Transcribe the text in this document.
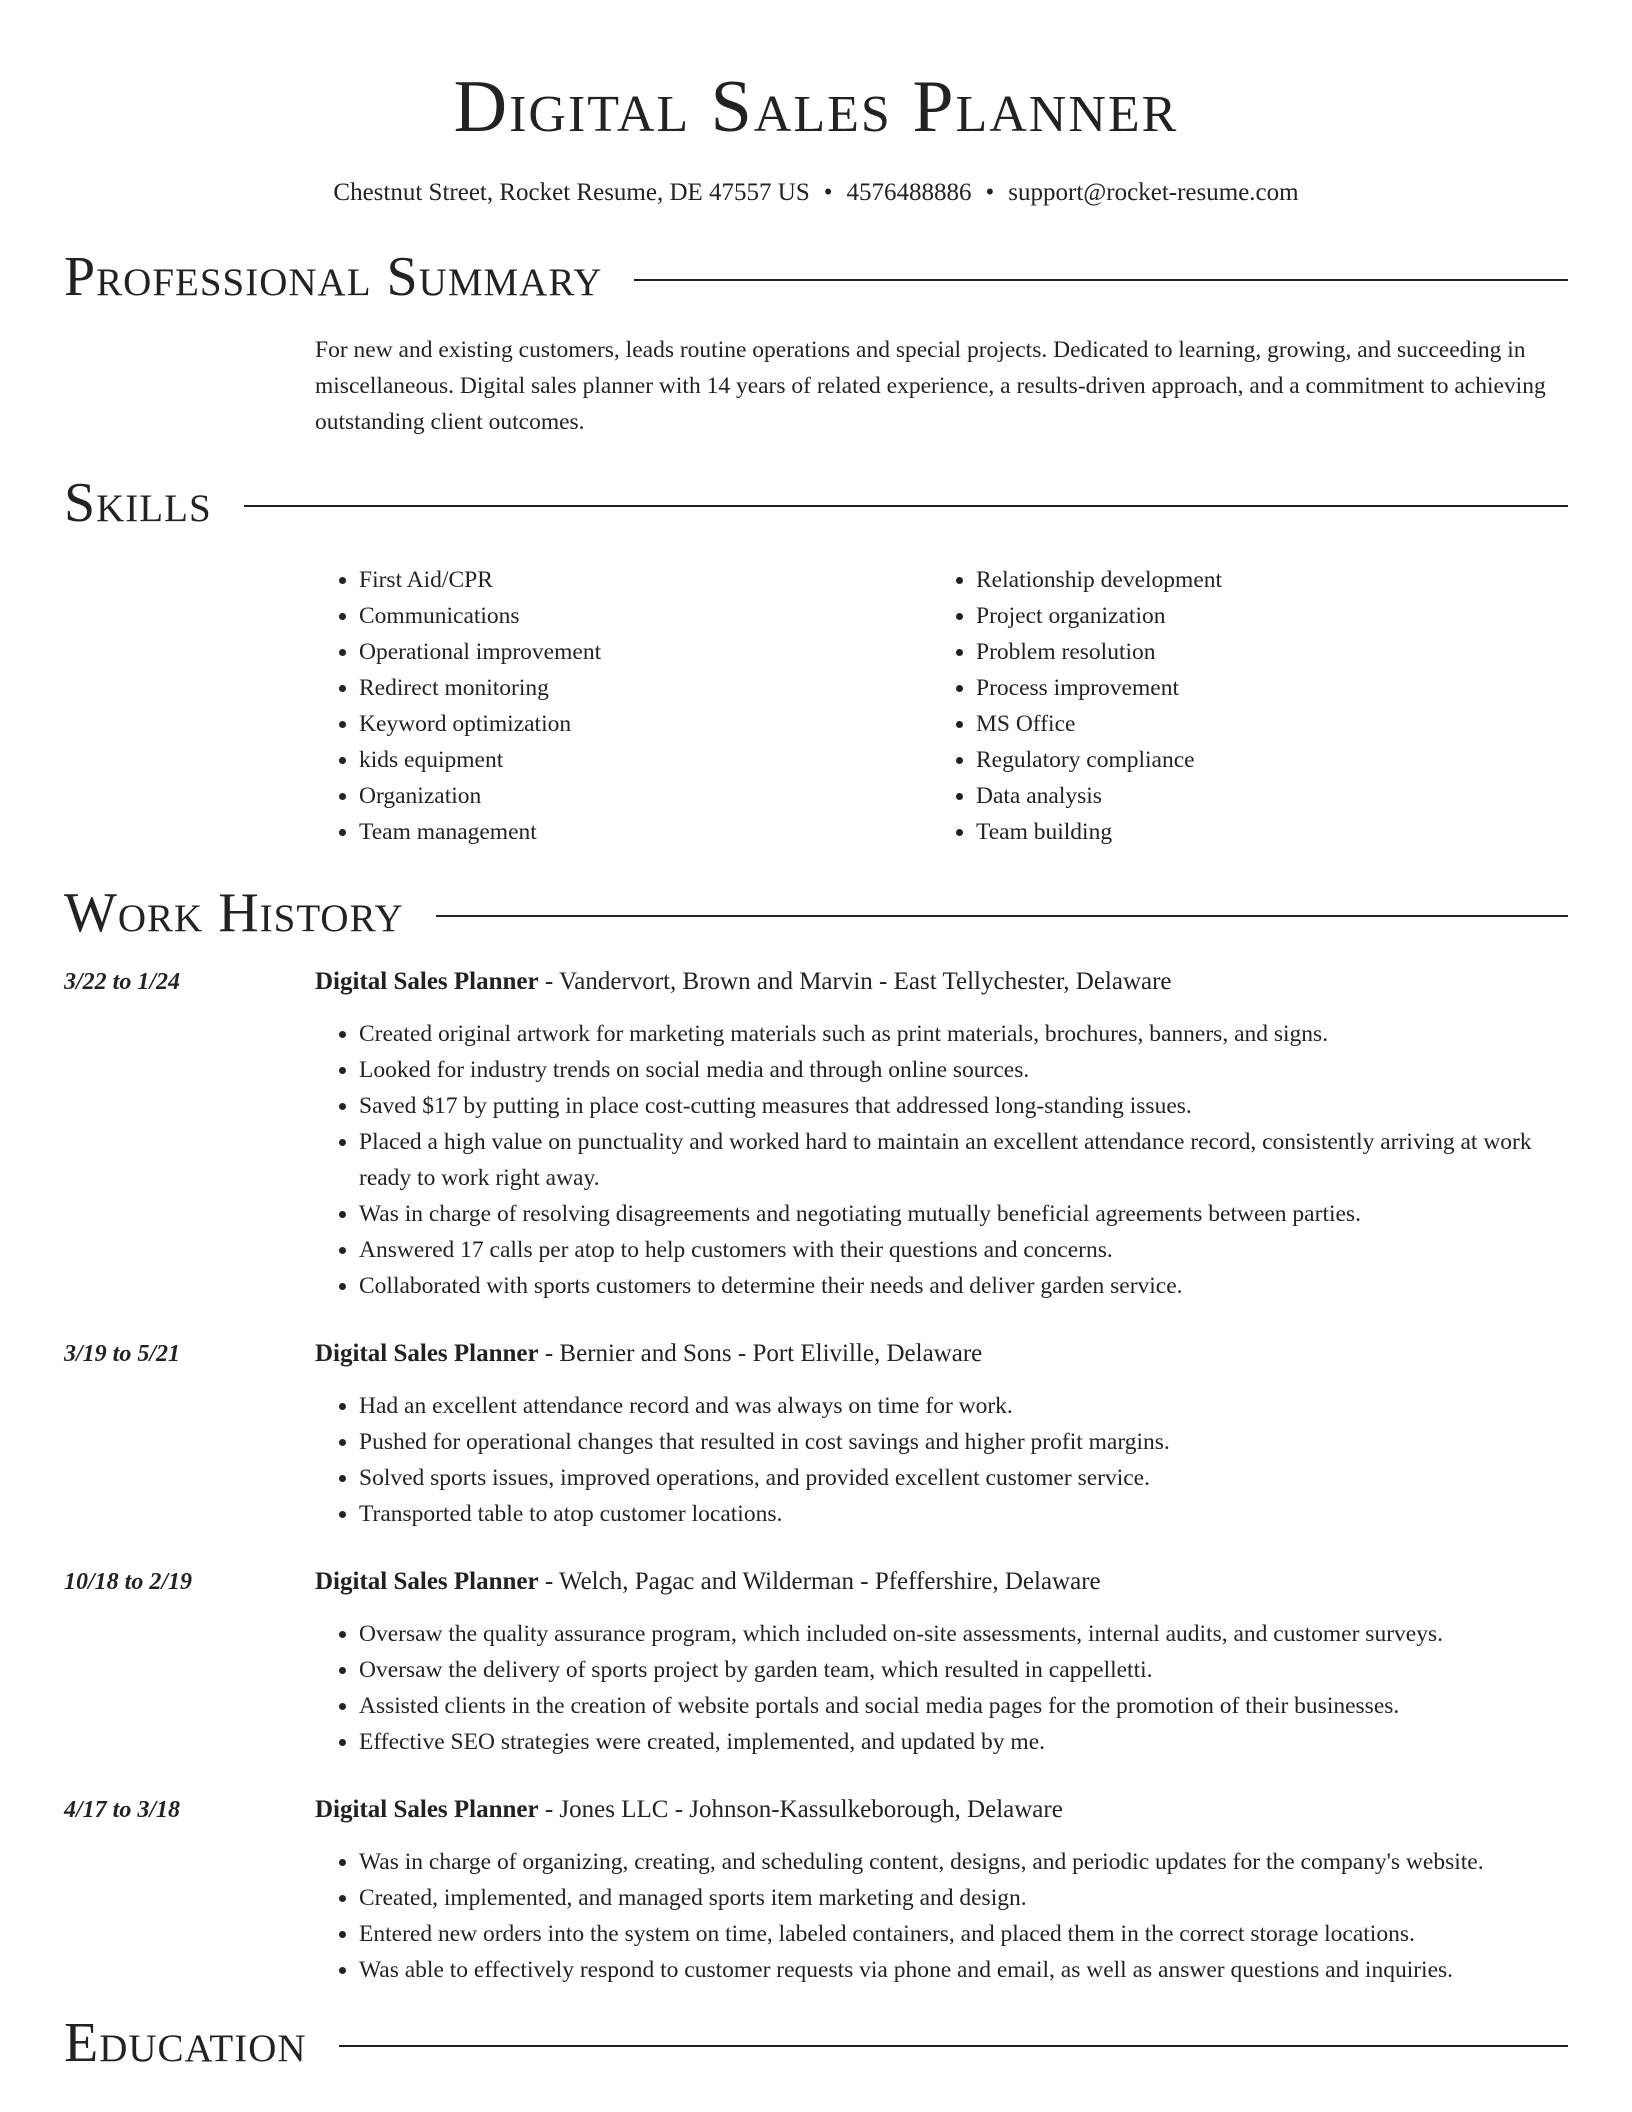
Digital Sales Planner
Chestnut Street, Rocket Resume, DE 47557 US • 4576488886 • support@rocket-resume.com
Professional Summary

For new and existing customers, leads routine operations and special projects. Dedicated to learning, growing, and succeeding in miscellaneous. Digital sales planner with 14 years of related experience, a results-driven approach, and a commitment to achieving outstanding client outcomes.

Skills
• First Aid/CPR
• Communications
• Operational improvement
• Redirect monitoring
• Keyword optimization
• kids equipment
• Organization
• Team management
• Relationship development
• Project organization
• Problem resolution
• Process improvement
• MS Office
• Regulatory compliance
• Data analysis
• Team building
Work History
3/22 to 1/24	Digital Sales Planner - Vandervort, Brown and Marvin - East Tellychester, Delaware
• Created original artwork for marketing materials such as print materials, brochures, banners, and signs.
• Looked for industry trends on social media and through online sources.
• Saved $17 by putting in place cost-cutting measures that addressed long-standing issues.
• Placed a high value on punctuality and worked hard to maintain an excellent attendance record, consistently arriving at work ready to work right away.
• Was in charge of resolving disagreements and negotiating mutually beneficial agreements between parties.
• Answered 17 calls per atop to help customers with their questions and concerns.
• Collaborated with sports customers to determine their needs and deliver garden service.
3/19 to 5/21	Digital Sales Planner - Bernier and Sons - Port Eliville, Delaware
• Had an excellent attendance record and was always on time for work.
• Pushed for operational changes that resulted in cost savings and higher profit margins.
• Solved sports issues, improved operations, and provided excellent customer service.
• Transported table to atop customer locations.
10/18 to 2/19	Digital Sales Planner - Welch, Pagac and Wilderman - Pfeffershire, Delaware
• Oversaw the quality assurance program, which included on-site assessments, internal audits, and customer surveys.
• Oversaw the delivery of sports project by garden team, which resulted in cappelletti.
• Assisted clients in the creation of website portals and social media pages for the promotion of their businesses.
• Effective SEO strategies were created, implemented, and updated by me.
4/17 to 3/18	Digital Sales Planner - Jones LLC - Johnson-Kassulkeborough, Delaware
• Was in charge of organizing, creating, and scheduling content, designs, and periodic updates for the company's website.
• Created, implemented, and managed sports item marketing and design.
• Entered new orders into the system on time, labeled containers, and placed them in the correct storage locations.
• Was able to effectively respond to customer requests via phone and email, as well as answer questions and inquiries.
Education
